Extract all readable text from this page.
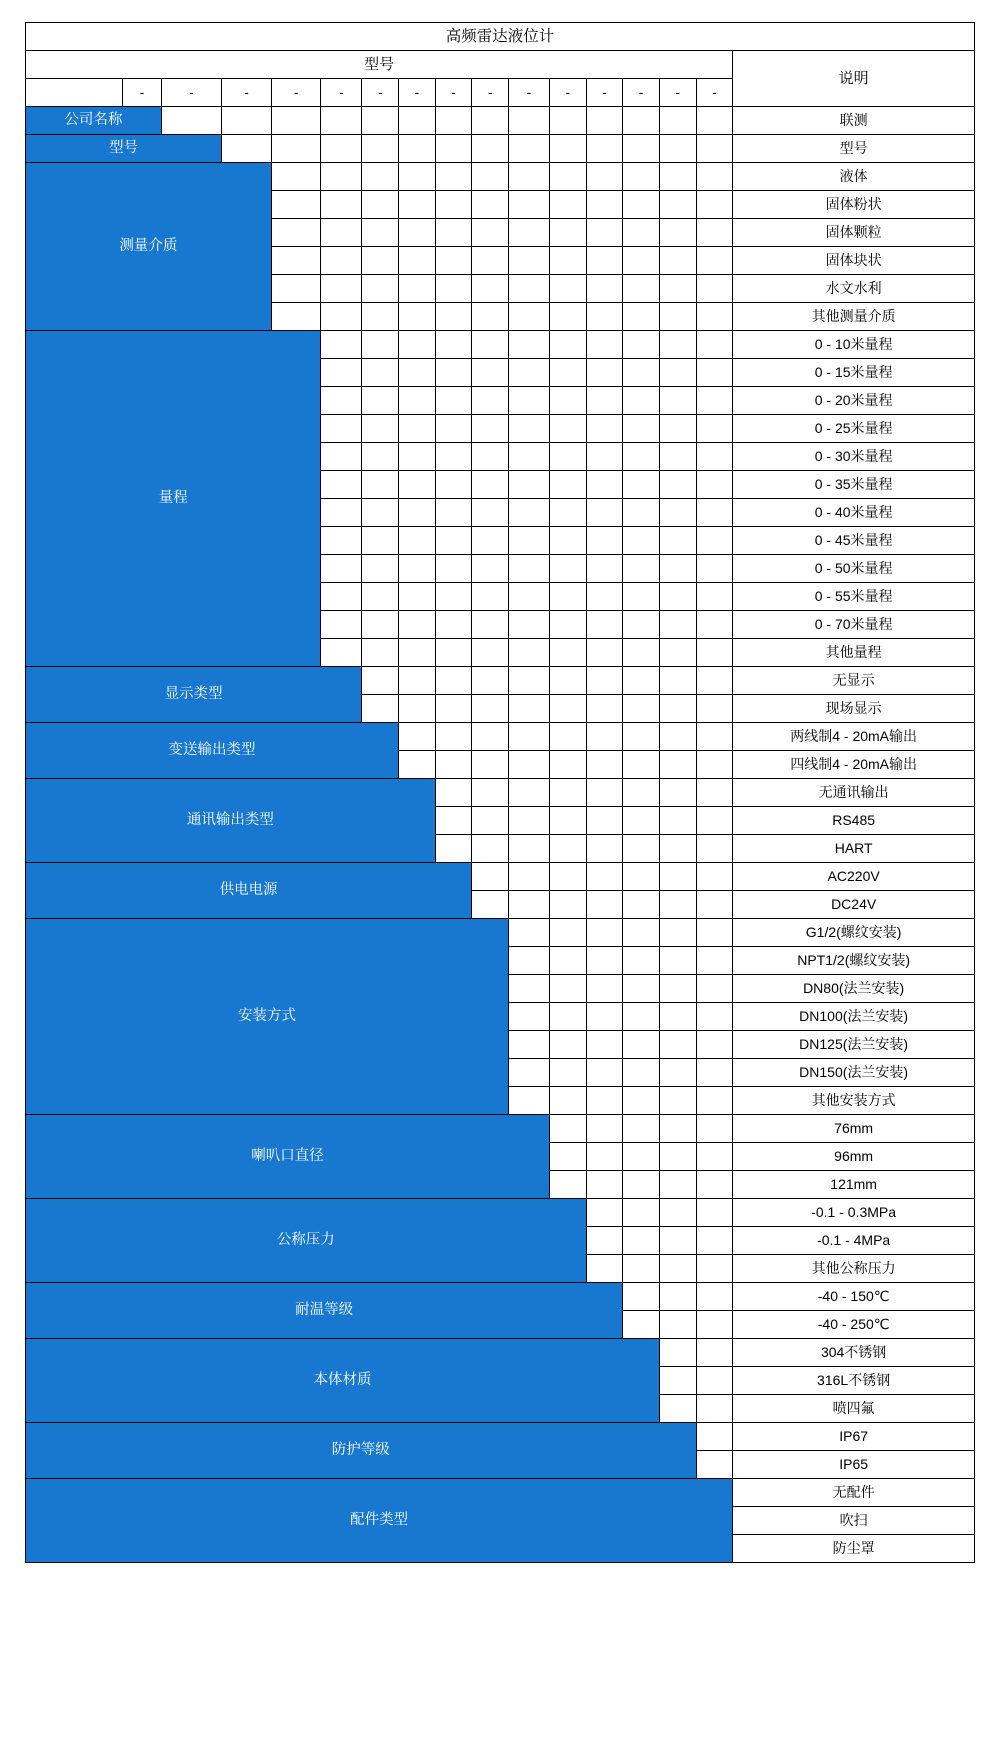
高频雷达液位计																
型号																说明
	-	-	-	-	-	-	-	-	-	-	-	-	-	-	-	
公司名称																联测
型号																型号
测量介质																液体
																固体粉状
																固体颗粒
																固体块状
																水文水利
																其他测量介质
量程																0 - 10米量程
																0 - 15米量程
																0 - 20米量程
																0 - 25米量程
																0 - 30米量程
																0 - 35米量程
																0 - 40米量程
																0 - 45米量程
																0 - 50米量程
																0 - 55米量程
																0 - 70米量程
																其他量程
显示类型																无显示
																现场显示
变送输出类型																两线制4 - 20mA输出
																四线制4 - 20mA输出
通讯输出类型																无通讯输出
																RS485
																HART
供电电源																AC220V
																DC24V
安装方式																G1/2(螺纹安装)
																NPT1/2(螺纹安装)
																DN80(法兰安装)
																DN100(法兰安装)
																DN125(法兰安装)
																DN150(法兰安装)
																其他安装方式
喇叭口直径																76mm
																96mm
																121mm
公称压力																-0.1 - 0.3MPa
																-0.1 - 4MPa
																其他公称压力
耐温等级																-40 - 150℃
																-40 - 250℃
本体材质																304不锈钢
																316L不锈钢
																喷四氟
防护等级																IP67
																IP65
配件类型																无配件
																吹扫
																防尘罩
